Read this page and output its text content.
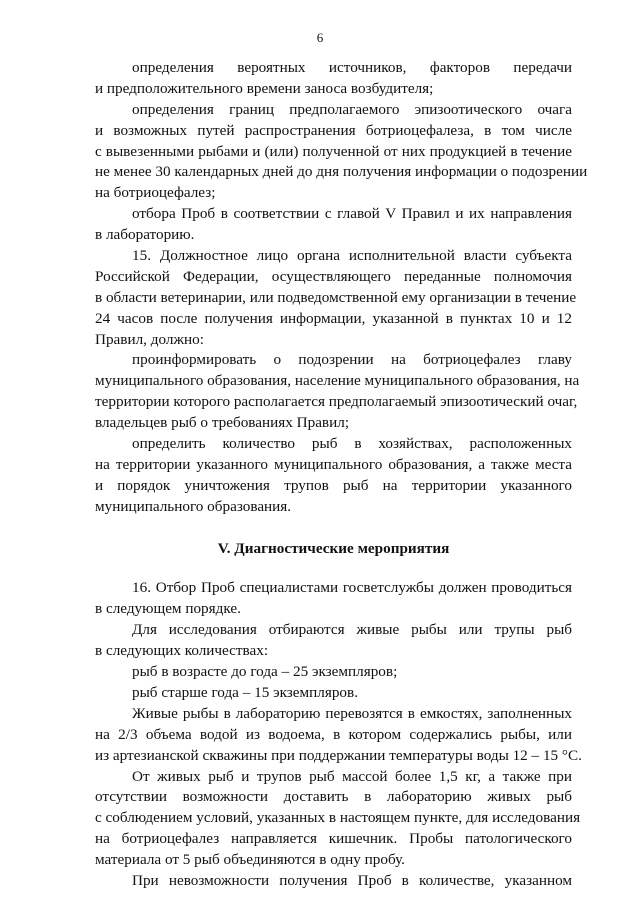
6
определения вероятных источников, факторов передачи
и предположительного времени заноса возбудителя;
определения границ предполагаемого эпизоотического очага
и возможных путей распространения ботриоцефалеза, в том числе
с вывезенными рыбами и (или) полученной от них продукцией в течение
не менее 30 календарных дней до дня получения информации о подозрении
на ботриоцефалез;
отбора Проб в соответствии с главой V Правил и их направления
в лабораторию.
15. Должностное лицо органа исполнительной власти субъекта
Российской Федерации, осуществляющего переданные полномочия
в области ветеринарии, или подведомственной ему организации в течение
24 часов после получения информации, указанной в пунктах 10 и 12
Правил, должно:
проинформировать о подозрении на ботриоцефалез главу
муниципального образования, население муниципального образования, на
территории которого располагается предполагаемый эпизоотический очаг,
владельцев рыб о требованиях Правил;
определить количество рыб в хозяйствах, расположенных
на территории указанного муниципального образования, а также места
и порядок уничтожения трупов рыб на территории указанного
муниципального образования.
V. Диагностические мероприятия
16. Отбор Проб специалистами госветслужбы должен проводиться
в следующем порядке.
Для исследования отбираются живые рыбы или трупы рыб
в следующих количествах:
рыб в возрасте до года – 25 экземпляров;
рыб старше года – 15 экземпляров.
Живые рыбы в лабораторию перевозятся в емкостях, заполненных
на 2/3 объема водой из водоема, в котором содержались рыбы, или
из артезианской скважины при поддержании температуры воды 12 – 15 °С.
От живых рыб и трупов рыб массой более 1,5 кг, а также при
отсутствии возможности доставить в лабораторию живых рыб
с соблюдением условий, указанных в настоящем пункте, для исследования
на ботриоцефалез направляется кишечник. Пробы патологического
материала от 5 рыб объединяются в одну пробу.
При невозможности получения Проб в количестве, указанном
